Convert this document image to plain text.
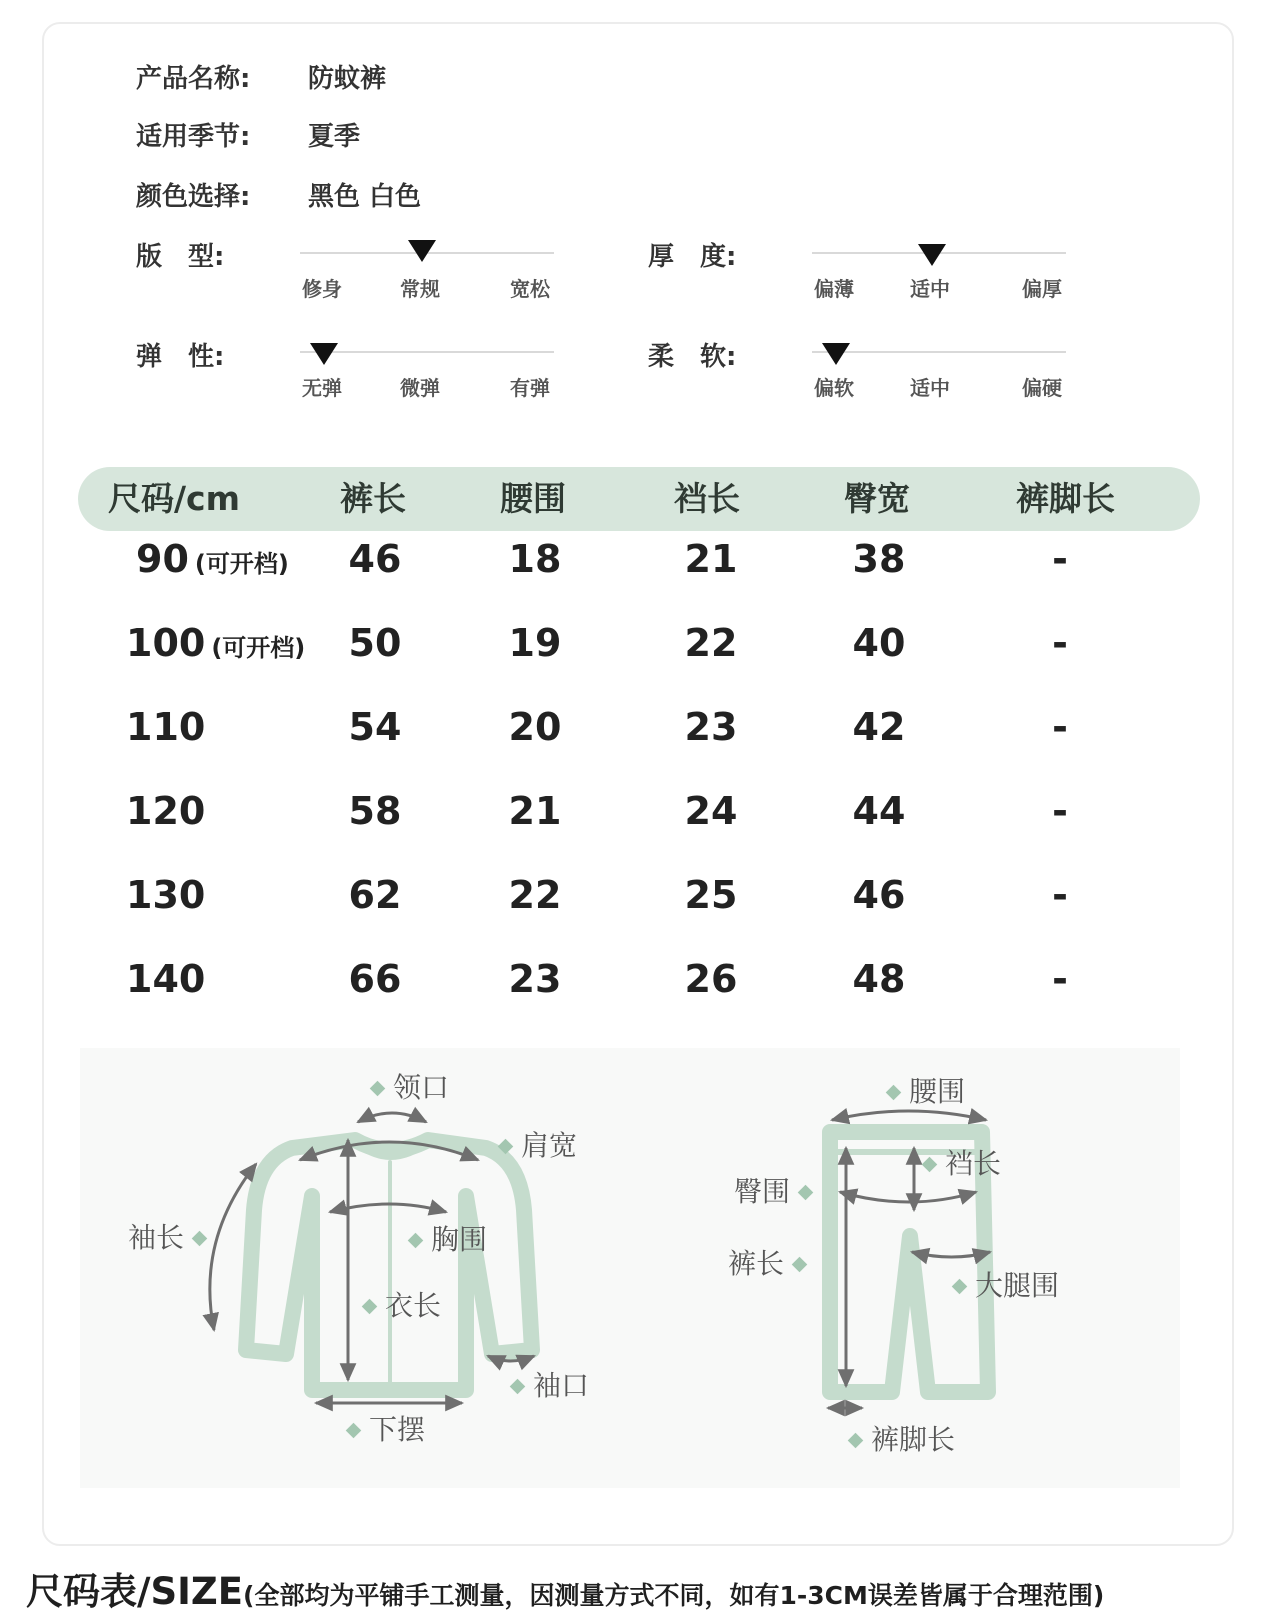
产品名称:	防蚊裤
适用季节:	夏季
颜色选择:	黑色 白色
版　型:
修身	常规	宽松
厚　度:
偏薄	适中	偏厚
弹　性:
无弹	微弹	有弹
柔　软:
偏软	适中	偏硬
尺码/cm	裤长	腰围	裆长	臀宽	裤脚长
90 (可开档) 46	18	21	38	-
100 (可开档) 50	19	22	40	-
110	54	20	23	42	-
120	58	21	24	44	-
130	62	22	25	46	-
140	66	23	26	48	-
领口
肩宽
袖长	胸围
衣长
袖口
下摆
腰围
裆长
臀围
裤长
大腿围
裤脚长
尺码表/SIZE(全部均为平铺手工测量，因测量方式不同，如有1-3CM误差皆属于合理范围)
